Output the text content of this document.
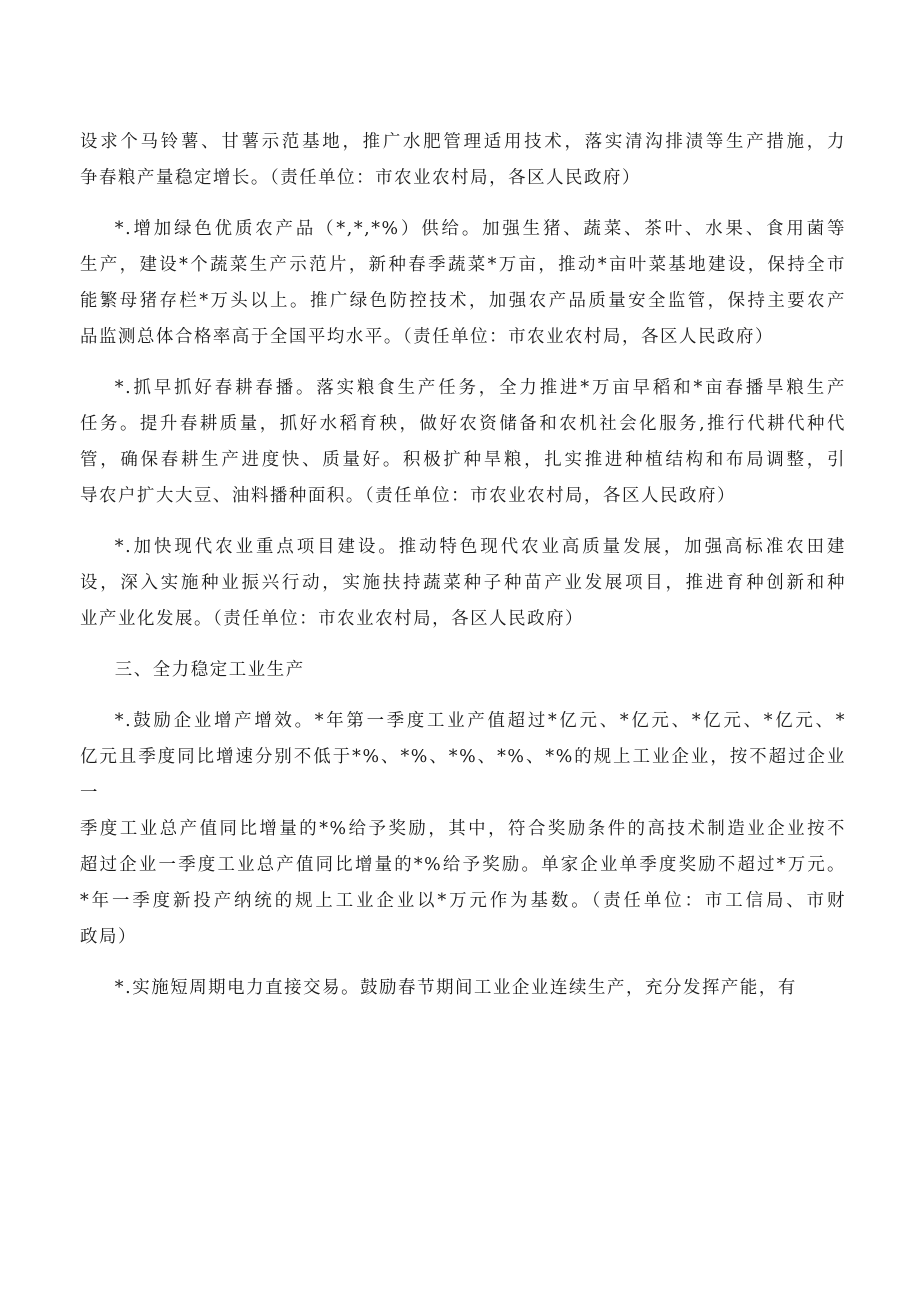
设求个马铃薯、甘薯示范基地，推广水肥管理适用技术，落实清沟排渍等生产措施，力
争春粮产量稳定增长。（责任单位：市农业农村局，各区人民政府）

*.增加绿色优质农产品（*,*,*%）供给。加强生猪、蔬菜、茶叶、水果、食用菌等
生产，建设*个蔬菜生产示范片，新种春季蔬菜*万亩，推动*亩叶菜基地建设，保持全市
能繁母猪存栏*万头以上。推广绿色防控技术，加强农产品质量安全监管，保持主要农产
品监测总体合格率高于全国平均水平。（责任单位：市农业农村局，各区人民政府）

*.抓早抓好春耕春播。落实粮食生产任务，全力推进*万亩早稻和*亩春播旱粮生产
任务。提升春耕质量，抓好水稻育秧，做好农资储备和农机社会化服务,推行代耕代种代
管，确保春耕生产进度快、质量好。积极扩种旱粮，扎实推进种植结构和布局调整，引
导农户扩大大豆、油料播种面积。（责任单位：市农业农村局，各区人民政府）

*.加快现代农业重点项目建设。推动特色现代农业高质量发展，加强高标准农田建
设，深入实施种业振兴行动，实施扶持蔬菜种子种苗产业发展项目，推进育种创新和种
业产业化发展。（责任单位：市农业农村局，各区人民政府）

三、全力稳定工业生产

*.鼓励企业增产增效。*年第一季度工业产值超过*亿元、*亿元、*亿元、*亿元、*
亿元且季度同比增速分别不低于*%、*%、*%、*%、*%的规上工业企业，按不超过企业一
季度工业总产值同比增量的*%给予奖励，其中，符合奖励条件的高技术制造业企业按不
超过企业一季度工业总产值同比增量的*%给予奖励。单家企业单季度奖励不超过*万元。
*年一季度新投产纳统的规上工业企业以*万元作为基数。（责任单位：市工信局、市财
政局）

*.实施短周期电力直接交易。鼓励春节期间工业企业连续生产，充分发挥产能，有
